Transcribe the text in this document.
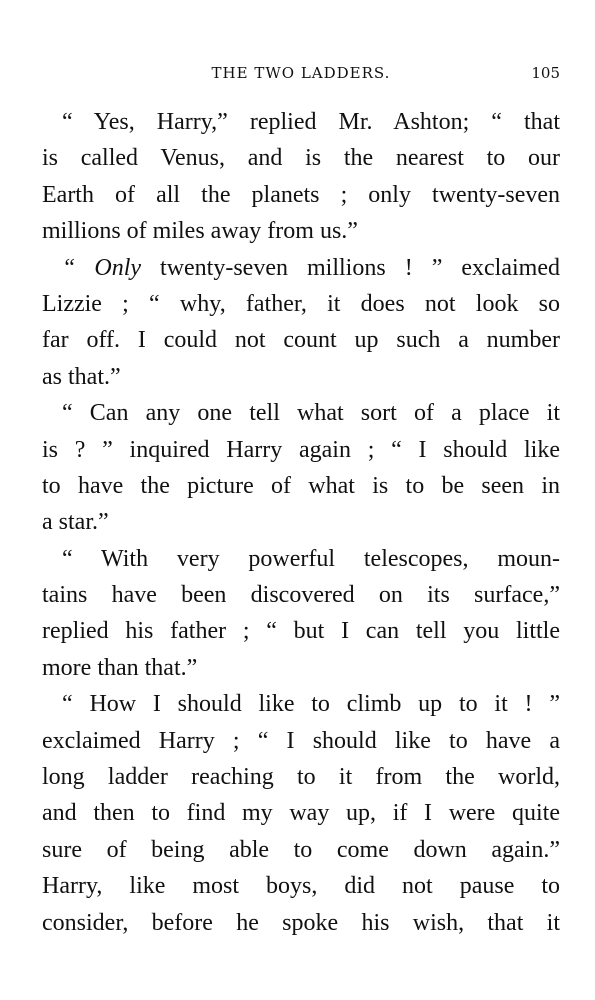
THE TWO LADDERS.	105
“ Yes, Harry,” replied Mr. Ashton; “ that
is called Venus, and is the nearest to our
Earth of all the planets ; only twenty-seven
millions of miles away from us.”
“ Only twenty-seven millions ! ” exclaimed
Lizzie ; “ why, father, it does not look so
far off. I could not count up such a number
as that.”
“ Can any one tell what sort of a place it
is ? ” inquired Harry again ; “ I should like
to have the picture of what is to be seen in
a star.”
“ With very powerful telescopes, moun-
tains have been discovered on its surface,”
replied his father ; “ but I can tell you little
more than that.”
“ How I should like to climb up to it ! ”
exclaimed Harry ; “ I should like to have a
long ladder reaching to it from the world,
and then to find my way up, if I were quite
sure of being able to come down again.”
Harry, like most boys, did not pause to
consider, before he spoke his wish, that it
